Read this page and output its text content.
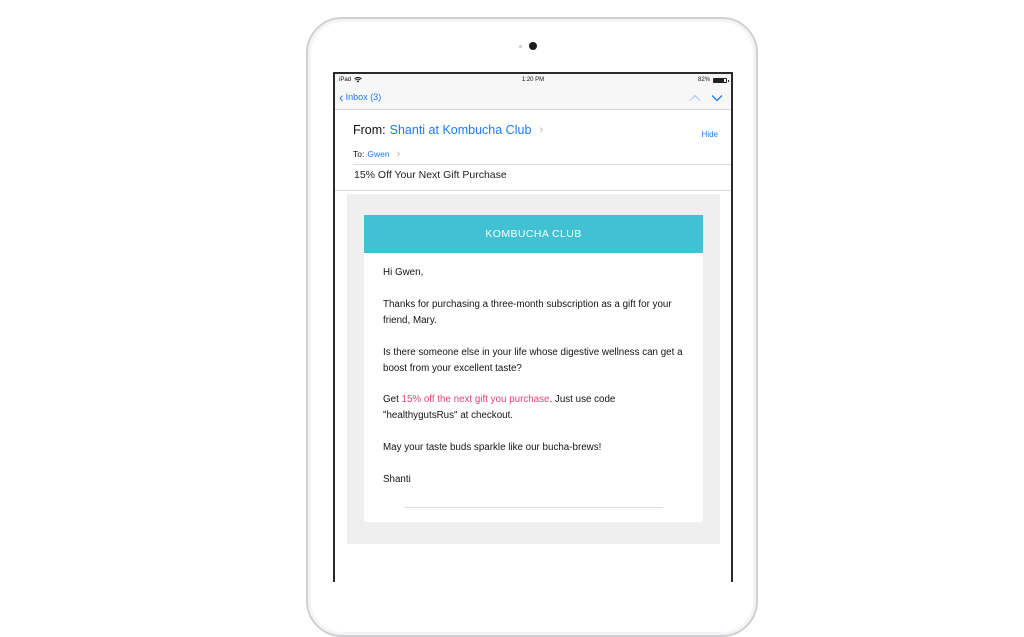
iPad	1:20 PM	82%
‹ Inbox (3)
From: Shanti at Kombucha Club ›	Hide
To: Gwen ›
15% Off Your Next Gift Purchase
KOMBUCHA CLUB
Hi Gwen,
Thanks for purchasing a three-month subscription as a gift for your friend, Mary.
Is there someone else in your life whose digestive wellness can get a boost from your excellent taste?
Get 15% off the next gift you purchase. Just use code "healthygutsRus" at checkout.
May your taste buds sparkle like our bucha-brews!
Shanti
